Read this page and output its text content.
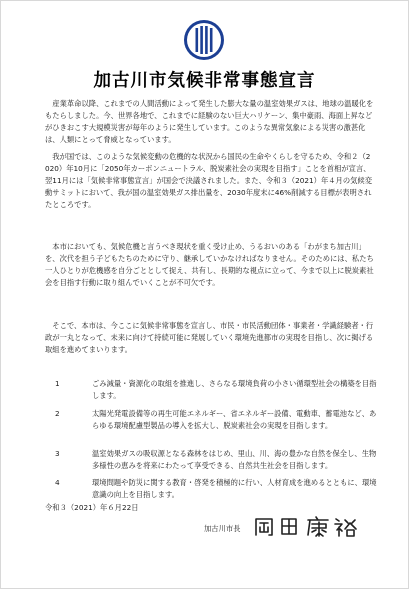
加古川市気候非常事態宣言

産業革命以降、これまでの人間活動によって発生した膨大な量の温室効果ガスは、地球の温暖化をもたらしました。今、世界各地で、これまでに経験のない巨大ハリケーン、集中豪雨、海面上昇などがひきおこす大規模災害が毎年のように発生しています。このような異常気象による災害の激甚化は、人類にとって脅威となっています。

我が国では、このような気候変動の危機的な状況から国民の生命やくらしを守るため、令和２（2020）年10月に「2050年カーボンニュートラル、脱炭素社会の実現を目指す」ことを首相が宣言、翌11月には「気候非常事態宣言」が国会で決議されました。また、令和３（2021）年４月の気候変動サミットにおいて、我が国の温室効果ガス排出量を、2030年度末に46%削減する目標が表明されたところです。

本市においても、気候危機と言うべき現状を重く受け止め、うるおいのある「わがまち加古川」を、次代を担う子どもたちのために守り、継承していかなければなりません。そのためには、私たち一人ひとりが危機感を自分ごととして捉え、共有し、長期的な視点に立って、今まで以上に脱炭素社会を目指す行動に取り組んでいくことが不可欠です。

そこで、本市は、今ここに気候非常事態を宣言し、市民・市民活動団体・事業者・学識経験者・行政が一丸となって、未来に向けて持続可能に発展していく環境先進都市の実現を目指し、次に掲げる取組を進めてまいります。

1	ごみ減量・資源化の取組を推進し、さらなる環境負荷の小さい循環型社会の構築を目指します。
2	太陽光発電設備等の再生可能エネルギー、省エネルギー設備、電動車、蓄電池など、あらゆる環境配慮型製品の導入を拡大し、脱炭素社会の実現を目指します。
3	温室効果ガスの吸収源となる森林をはじめ、里山、川、海の豊かな自然を保全し、生物多様性の恵みを将来にわたって享受できる、自然共生社会を目指します。
4	環境問題や防災に関する教育・啓発を積極的に行い、人材育成を進めるとともに、環境意識の向上を目指します。
令和３（2021）年６月22日
加古川市長
